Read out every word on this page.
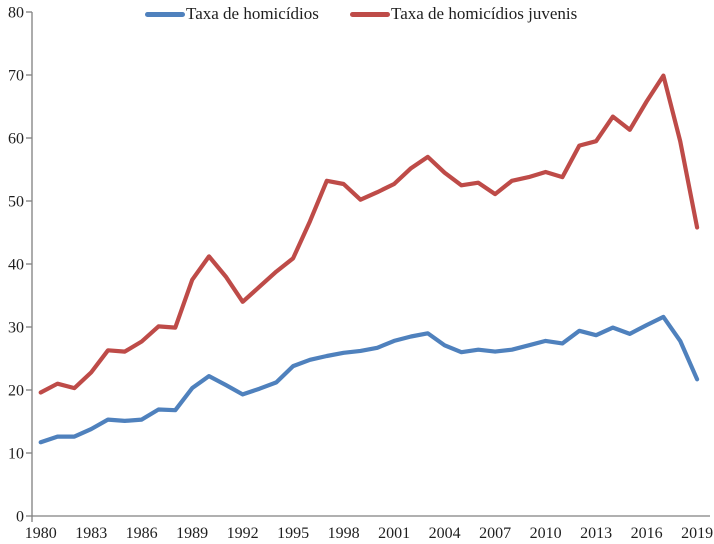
Taxa de homicídios	Taxa de homicídios juvenis
0
10
20
30
40
50
60
70
80
1980 1983 1986 1989 1992 1995 1998 2001 2004 2007 2010 2013 2016 2019
